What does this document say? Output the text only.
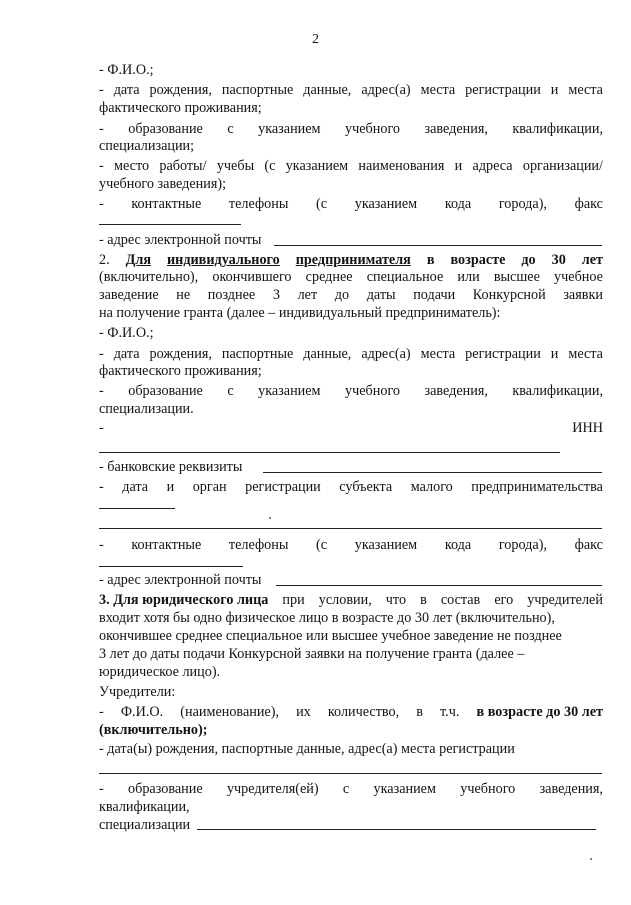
2
- Ф.И.О.;
- дата рождения, паспортные данные, адрес(а) места регистрации и места
фактического проживания;
- образование с указанием учебного заведения, квалификации,
специализации;
- место работы/ учебы (с указанием наименования и адреса организации/
учебного заведения);
- контактные телефоны (с указанием кода города), факс
- адрес электронной почты
2. Для индивидуального предпринимателя в возрасте до 30 лет
(включительно), окончившего среднее специальное или высшее учебное
заведение не позднее 3 лет до даты подачи Конкурсной заявки
на получение гранта (далее – индивидуальный предприниматель):
- Ф.И.О.;
- дата рождения, паспортные данные, адрес(а) места регистрации и места
фактического проживания;
- образование с указанием учебного заведения, квалификации,
специализации.
-	ИНН
- банковские реквизиты
- дата и орган регистрации субъекта малого предпринимательства
- контактные телефоны (с указанием кода города), факс
- адрес электронной почты
3. Для юридического лица при условии, что в состав его учредителей
входит хотя бы одно физическое лицо в возрасте до 30 лет (включительно),
окончившее среднее специальное или высшее учебное заведение не позднее
3 лет до даты подачи Конкурсной заявки на получение гранта (далее –
юридическое лицо).
Учредители:
- Ф.И.О. (наименование), их количество, в т.ч. в возрасте до 30 лет
(включительно);
- дата(ы) рождения, паспортные данные, адрес(а) места регистрации
- образование учредителя(ей) с указанием учебного заведения,
квалификации,
специализации
